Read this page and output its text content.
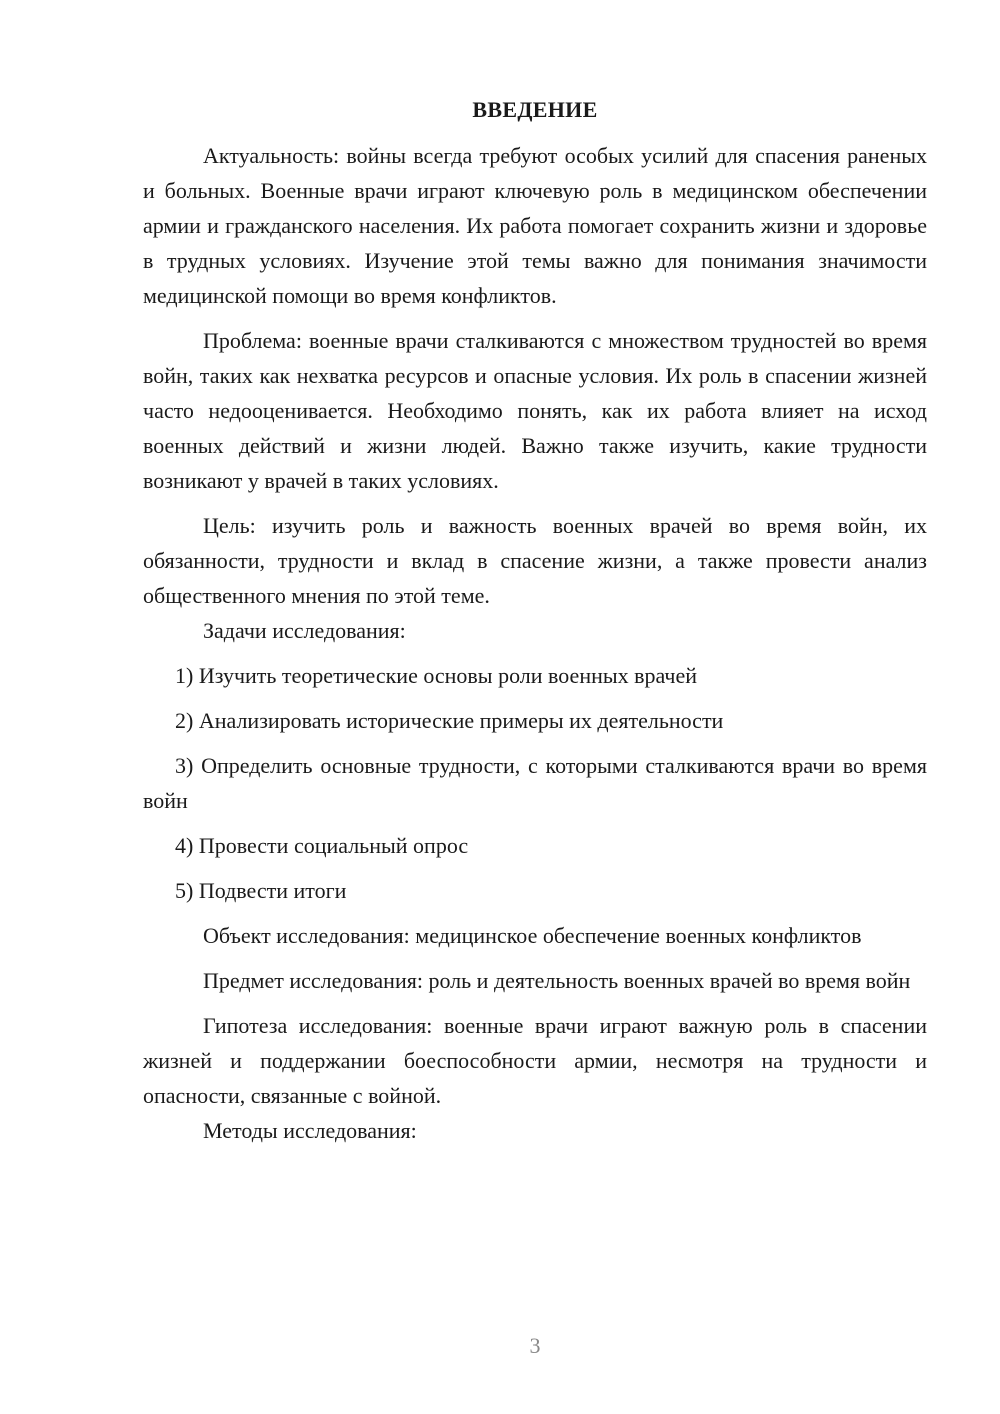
ВВЕДЕНИЕ

Актуальность: войны всегда требуют особых усилий для спасения раненых и больных. Военные врачи играют ключевую роль в медицинском обеспечении армии и гражданского населения. Их работа помогает сохранить жизни и здоровье в трудных условиях. Изучение этой темы важно для понимания значимости медицинской помощи во время конфликтов.

Проблема: военные врачи сталкиваются с множеством трудностей во время войн, таких как нехватка ресурсов и опасные условия. Их роль в спасении жизней часто недооценивается. Необходимо понять, как их работа влияет на исход военных действий и жизни людей. Важно также изучить, какие трудности возникают у врачей в таких условиях.

Цель: изучить роль и важность военных врачей во время войн, их обязанности, трудности и вклад в спасение жизни, а также провести анализ общественного мнения по этой теме.

Задачи исследования:

1) Изучить теоретические основы роли военных врачей

2) Анализировать исторические примеры их деятельности

3) Определить основные трудности, с которыми сталкиваются врачи во время войн

4) Провести социальный опрос

5) Подвести итоги

Объект исследования: медицинское обеспечение военных конфликтов

Предмет исследования: роль и деятельность военных врачей во время войн

Гипотеза исследования: военные врачи играют важную роль в спасении жизней и поддержании боеспособности армии, несмотря на трудности и опасности, связанные с войной.

Методы исследования:

3
